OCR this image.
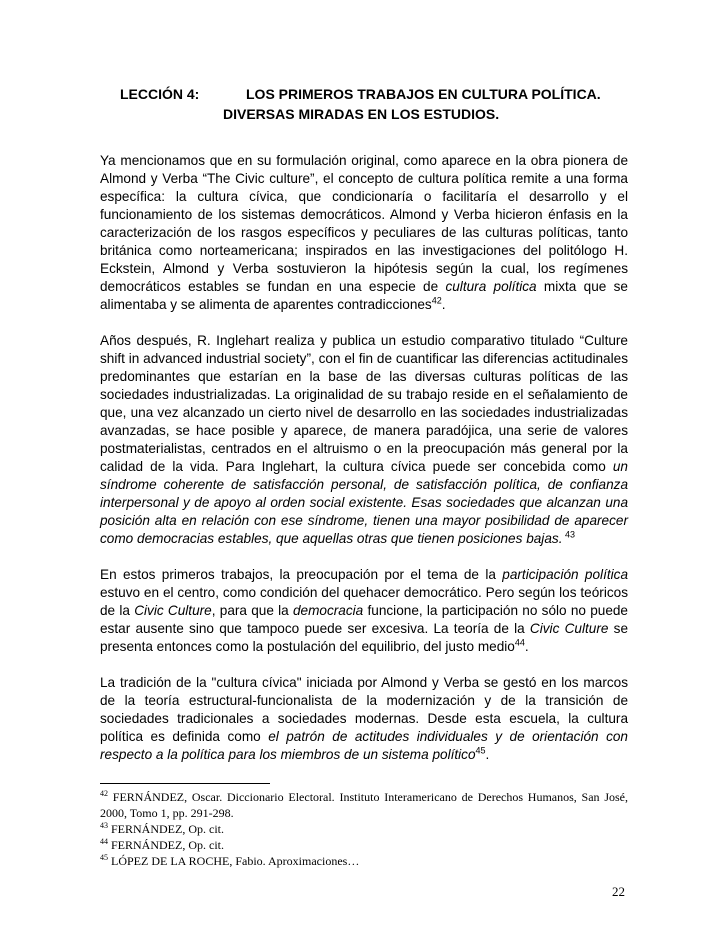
LECCIÓN 4:	LOS PRIMEROS TRABAJOS EN CULTURA POLÍTICA.
DIVERSAS MIRADAS EN LOS ESTUDIOS.

Ya mencionamos que en su formulación original, como aparece en la obra pionera de Almond y Verba “The Civic culture”, el concepto de cultura política remite a una forma específica: la cultura cívica, que condicionaría o facilitaría el desarrollo y el funcionamiento de los sistemas democráticos. Almond y Verba hicieron énfasis en la caracterización de los rasgos específicos y peculiares de las culturas políticas, tanto británica como norteamericana; inspirados en las investigaciones del politólogo H. Eckstein, Almond y Verba sostuvieron la hipótesis según la cual, los regímenes democráticos estables se fundan en una especie de cultura política mixta que se alimentaba y se alimenta de aparentes contradicciones$^{42}$.

Años después, R. Inglehart realiza y publica un estudio comparativo titulado “Culture shift in advanced industrial society”, con el fin de cuantificar las diferencias actitudinales predominantes que estarían en la base de las diversas culturas políticas de las sociedades industrializadas. La originalidad de su trabajo reside en el señalamiento de que, una vez alcanzado un cierto nivel de desarrollo en las sociedades industrializadas avanzadas, se hace posible y aparece, de manera paradójica, una serie de valores postmaterialistas, centrados en el altruismo o en la preocupación más general por la calidad de la vida. Para Inglehart, la cultura cívica puede ser concebida como un síndrome coherente de satisfacción personal, de satisfacción política, de confianza interpersonal y de apoyo al orden social existente. Esas sociedades que alcanzan una posición alta en relación con ese síndrome, tienen una mayor posibilidad de aparecer como democracias estables, que aquellas otras que tienen posiciones bajas. $^{43}$

En estos primeros trabajos, la preocupación por el tema de la participación política estuvo en el centro, como condición del quehacer democrático. Pero según los teóricos de la Civic Culture, para que la democracia funcione, la participación no sólo no puede estar ausente sino que tampoco puede ser excesiva. La teoría de la Civic Culture se presenta entonces como la postulación del equilibrio, del justo medio$^{44}$.

La tradición de la "cultura cívica" iniciada por Almond y Verba se gestó en los marcos de la teoría estructural-funcionalista de la modernización y de la transición de sociedades tradicionales a sociedades modernas. Desde esta escuela, la cultura política es definida como el patrón de actitudes individuales y de orientación con respecto a la política para los miembros de un sistema político$^{45}$.

$^{42}$ FERNÁNDEZ, Oscar. Diccionario Electoral. Instituto Interamericano de Derechos Humanos, San José, 2000, Tomo 1, pp. 291-298.
$^{43}$ FERNÁNDEZ, Op. cit.
$^{44}$ FERNÁNDEZ, Op. cit.
$^{45}$ LÓPEZ DE LA ROCHE, Fabio. Aproximaciones…
22
